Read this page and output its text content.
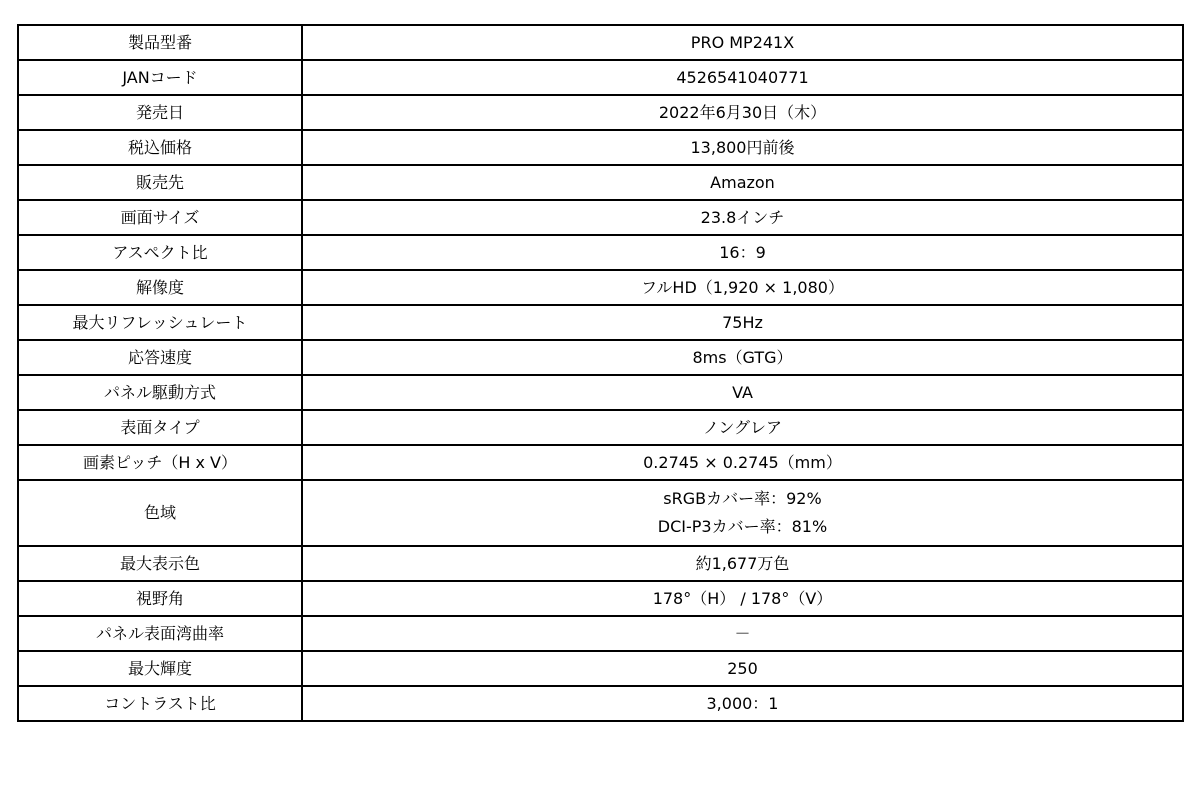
製品型番	PRO MP241X
JANコード	4526541040771
発売日	2022年6月30日（木）
税込価格	13,800円前後
販売先	Amazon
画面サイズ	23.8インチ
アスペクト比	16：9
解像度	フルHD（1,920 × 1,080）
最大リフレッシュレート	75Hz
応答速度	8ms（GTG）
パネル駆動方式	VA
表面タイプ	ノングレア
画素ピッチ（H x V）	0.2745 × 0.2745（mm）
色域	sRGBカバー率：92%
DCI-P3カバー率：81%

最大表示色	約1,677万色
視野角	178°（H） / 178°（V）
パネル表面湾曲率	－
最大輝度	250
コントラスト比	3,000：1
